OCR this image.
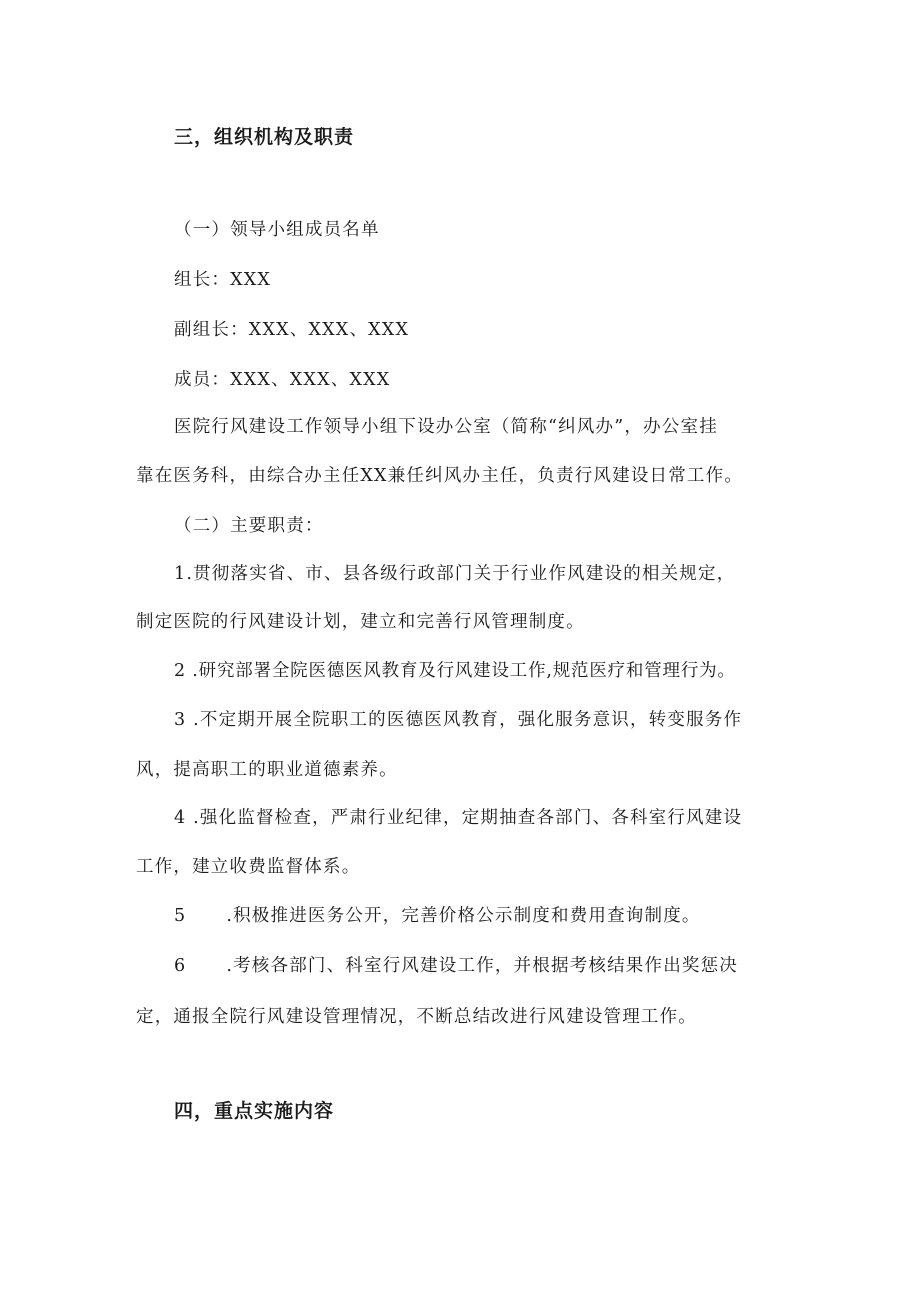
三，组织机构及职责
（一）领导小组成员名单
组长：XXX
副组长：XXX、XXX、XXX
成员：XXX、XXX、XXX
医院行风建设工作领导小组下设办公室（简称“纠风办”，办公室挂
靠在医务科，由综合办主任XX兼任纠风办主任，负责行风建设日常工作。
（二）主要职责：
1.贯彻落实省、市、县各级行政部门关于行业作风建设的相关规定，
制定医院的行风建设计划，建立和完善行风管理制度。
2 .研究部署全院医德医风教育及行风建设工作,规范医疗和管理行为。
3 .不定期开展全院职工的医德医风教育，强化服务意识，转变服务作
风，提高职工的职业道德素养。
4 .强化监督检查，严肃行业纪律，定期抽查各部门、各科室行风建设
工作，建立收费监督体系。
5 .积极推进医务公开，完善价格公示制度和费用查询制度。
6 .考核各部门、科室行风建设工作，并根据考核结果作出奖惩决
定，通报全院行风建设管理情况，不断总结改进行风建设管理工作。
四，重点实施内容
